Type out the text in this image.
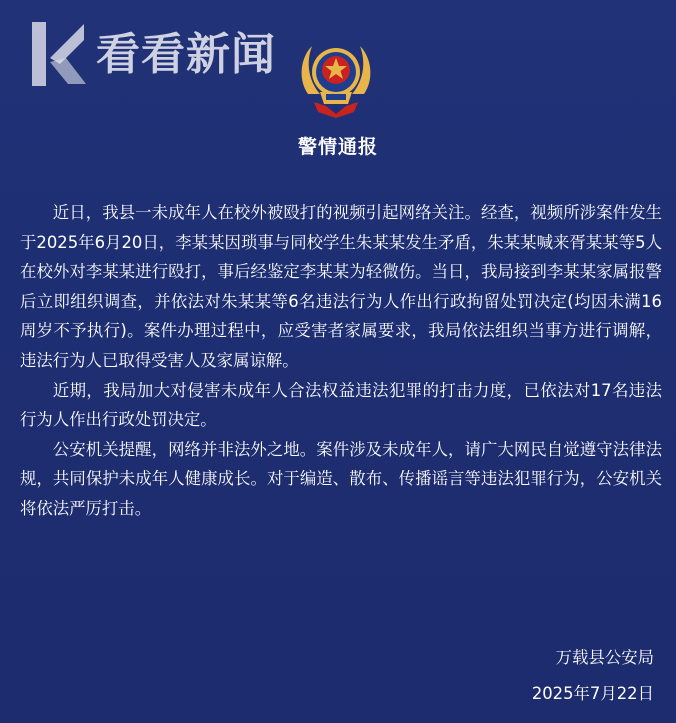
看看新闻
警情通报

近日，我县一未成年人在校外被殴打的视频引起网络关注。经查，视频所涉案件发生于2025年6月20日，李某某因琐事与同校学生朱某某发生矛盾，朱某某喊来胥某某等5人在校外对李某某进行殴打，事后经鉴定李某某为轻微伤。当日，我局接到李某某家属报警后立即组织调查，并依法对朱某某等6名违法行为人作出行政拘留处罚决定(均因未满16周岁不予执行)。案件办理过程中，应受害者家属要求，我局依法组织当事方进行调解，违法行为人已取得受害人及家属谅解。

近期，我局加大对侵害未成年人合法权益违法犯罪的打击力度，已依法对17名违法行为人作出行政处罚决定。

公安机关提醒，网络并非法外之地。案件涉及未成年人，请广大网民自觉遵守法律法规，共同保护未成年人健康成长。对于编造、散布、传播谣言等违法犯罪行为，公安机关将依法严厉打击。

万载县公安局
2025年7月22日
